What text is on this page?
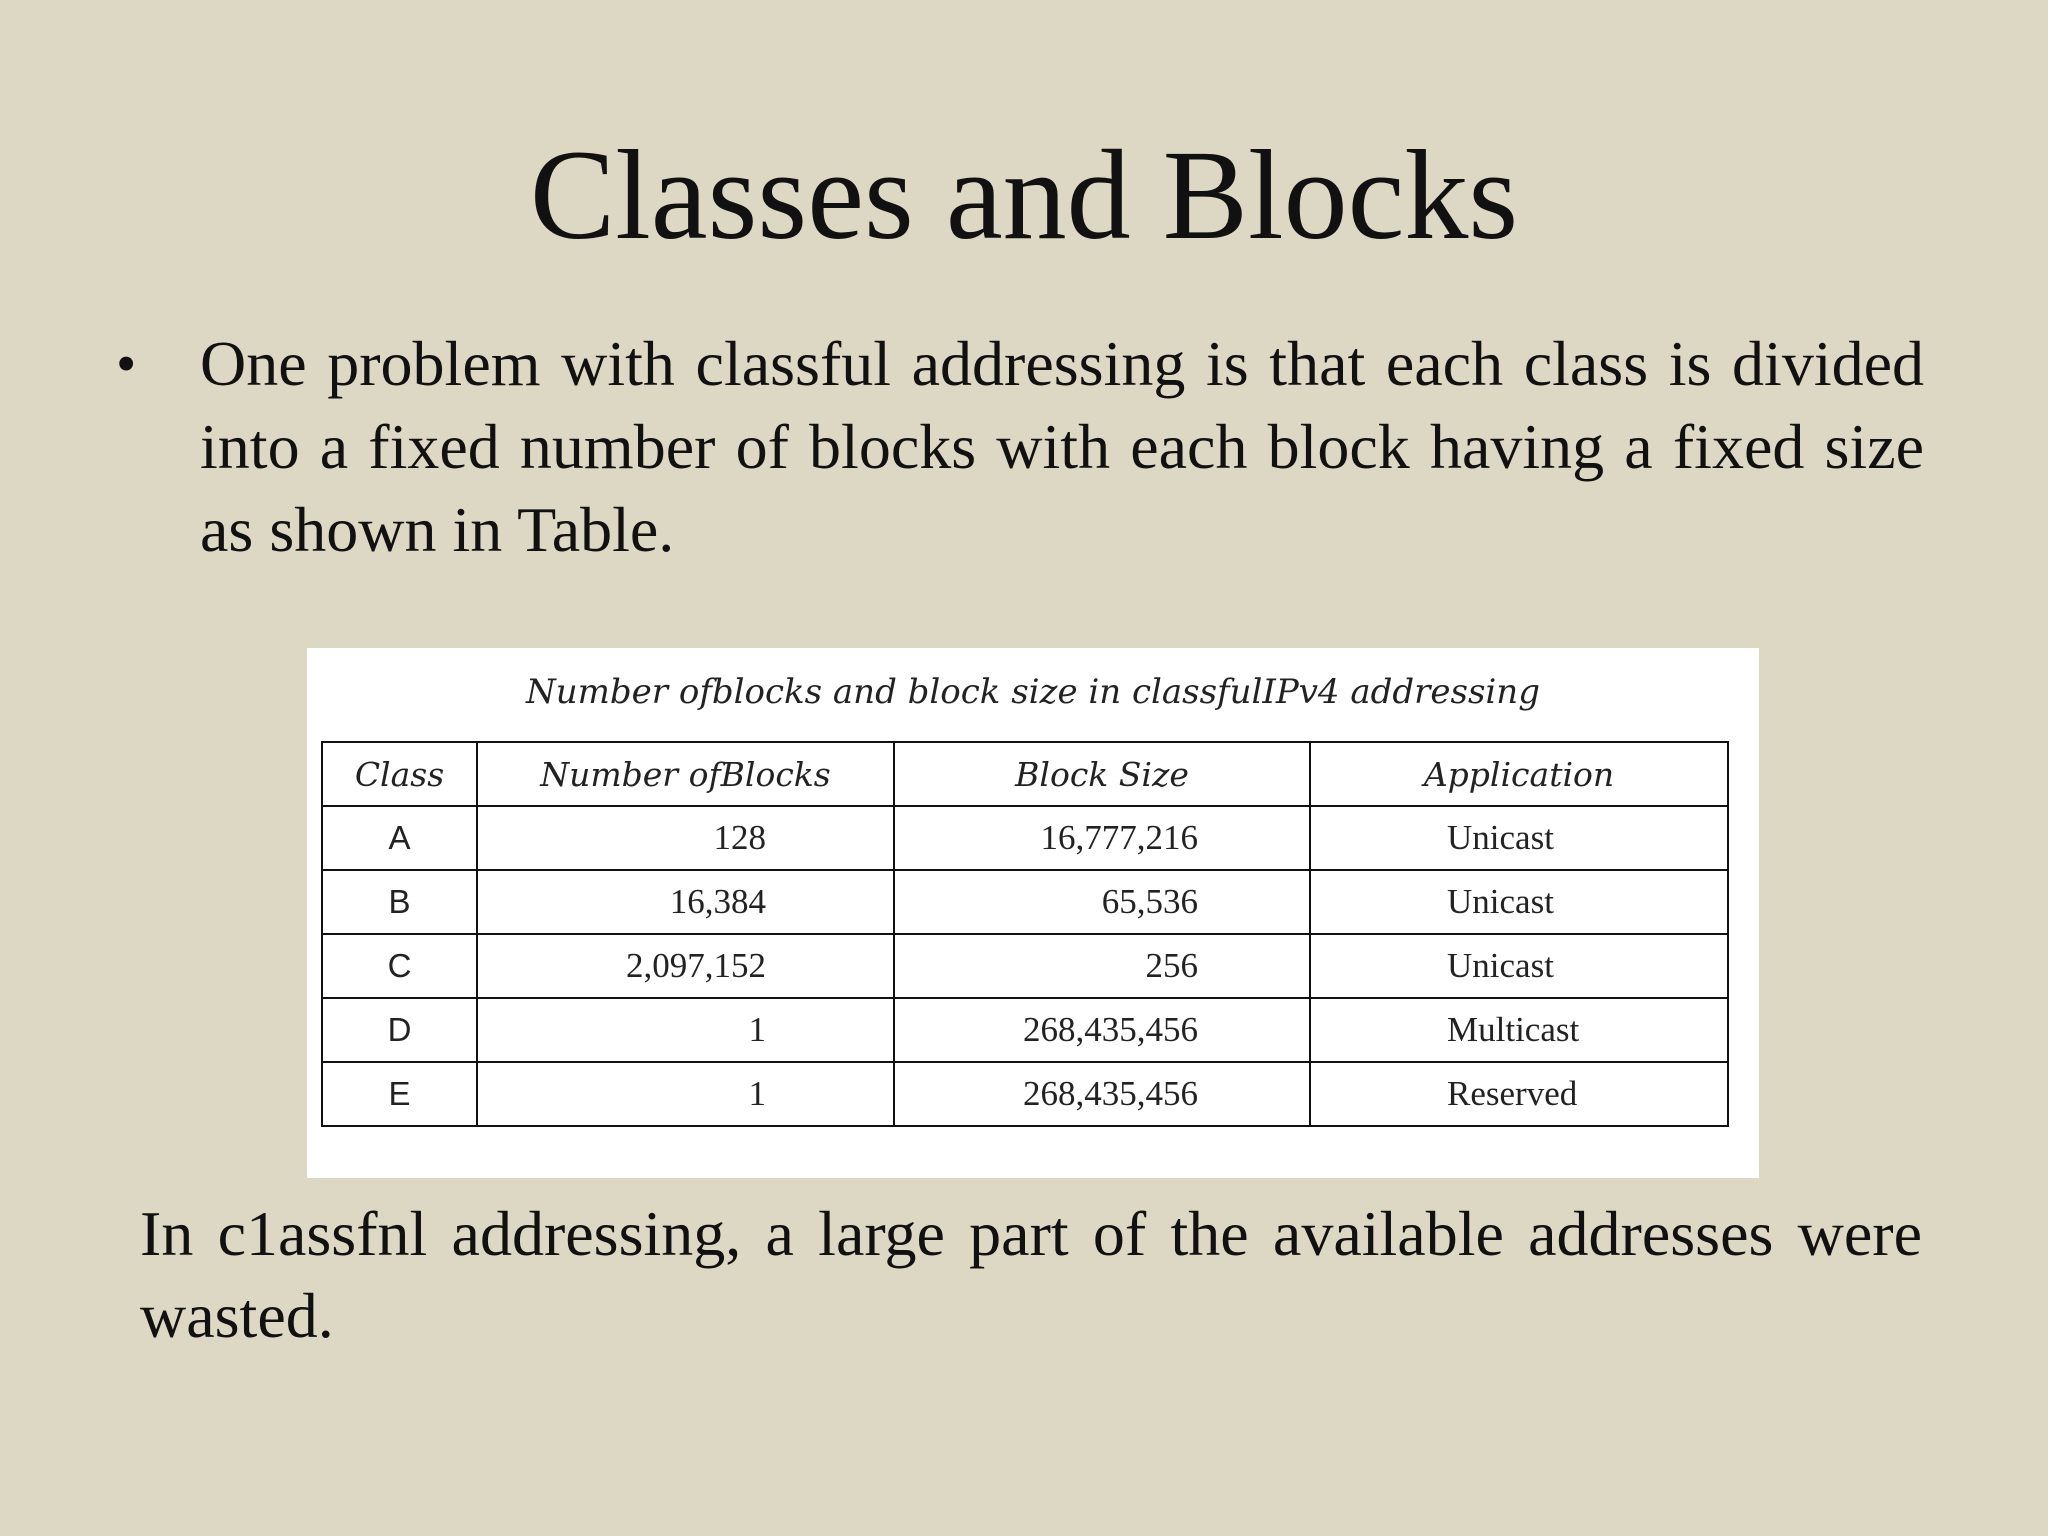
Classes and Blocks
• One problem with classful addressing is that each class is divided into a fixed number of blocks with each block having a fixed size as shown in Table.
Number ofblocks and block size in classfulIPv4 addressing
Class	Number ofBlocks	Block Size	Application
A	128	16,777,216	Unicast
B	16,384	65,536	Unicast
C	2,097,152	256	Unicast
D	1	268,435,456	Multicast
E	1	268,435,456	Reserved
In c1assfnl addressing, a large part of the available addresses were wasted.
